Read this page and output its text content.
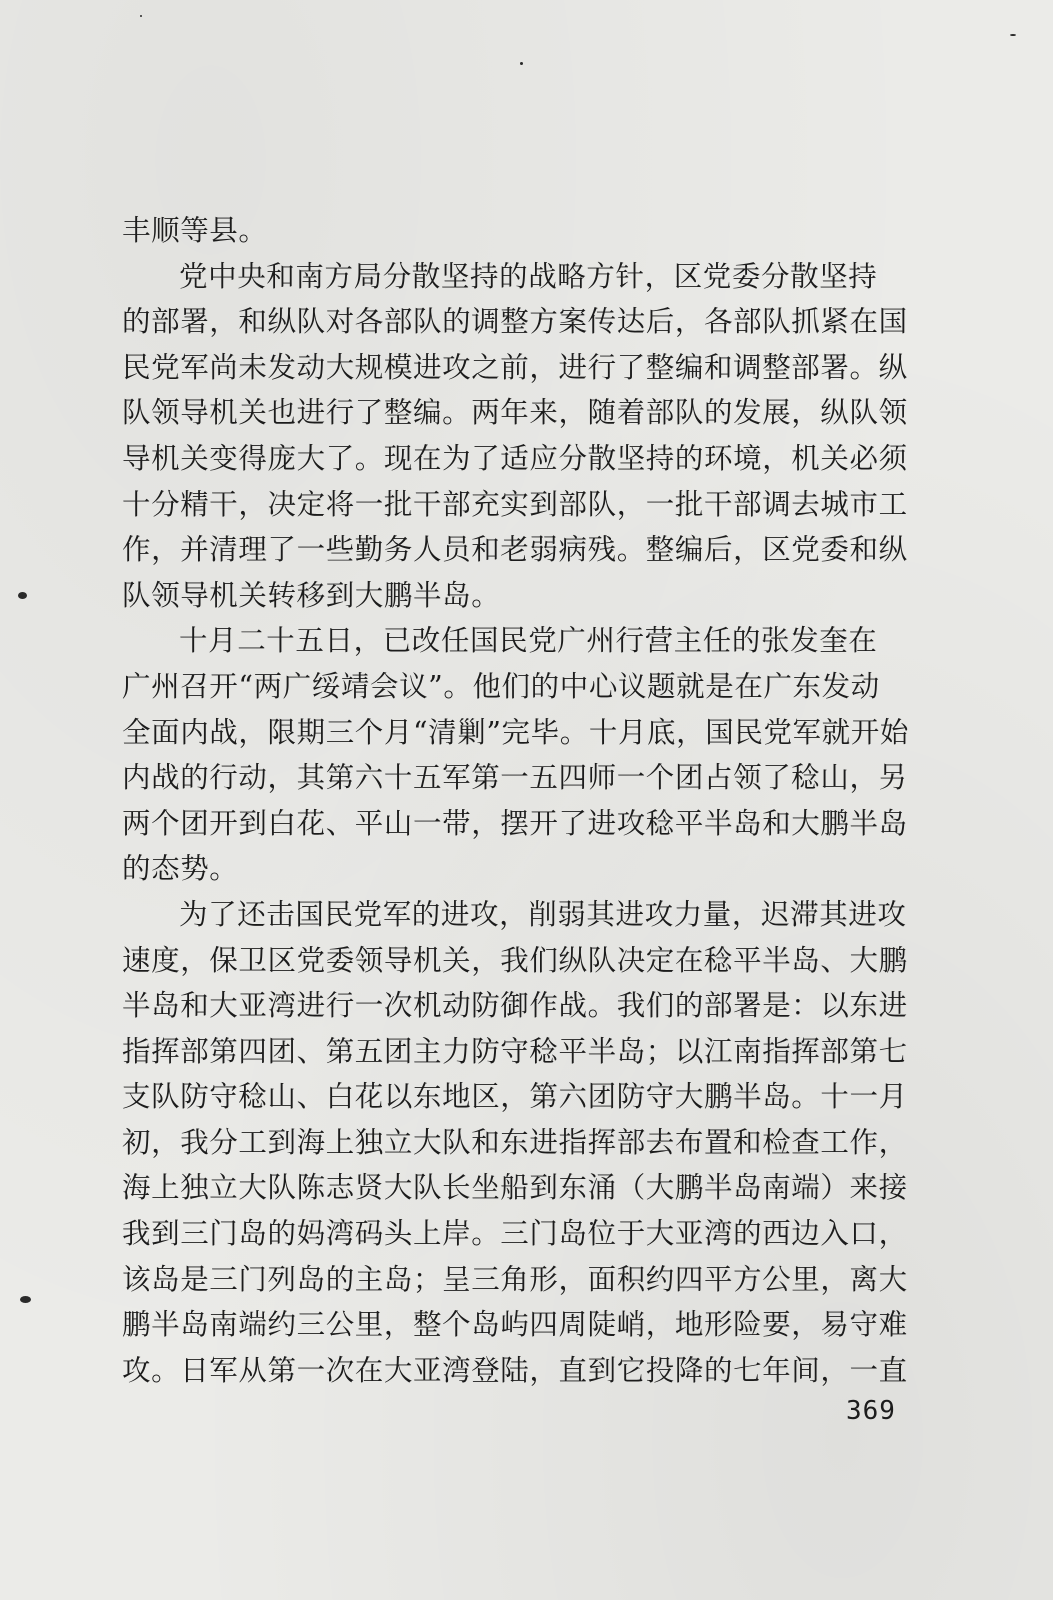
丰顺等县。
党中央和南方局分散坚持的战略方针，区党委分散坚持
的部署，和纵队对各部队的调整方案传达后，各部队抓紧在国
民党军尚未发动大规模进攻之前，进行了整编和调整部署。纵
队领导机关也进行了整编。两年来，随着部队的发展，纵队领
导机关变得庞大了。现在为了适应分散坚持的环境，机关必须
十分精干，决定将一批干部充实到部队，一批干部调去城市工
作，并清理了一些勤务人员和老弱病残。整编后，区党委和纵
队领导机关转移到大鹏半岛。
十月二十五日，已改任国民党广州行营主任的张发奎在
广州召开“两广绥靖会议”。他们的中心议题就是在广东发动
全面内战，限期三个月“清剿”完毕。十月底，国民党军就开始
内战的行动，其第六十五军第一五四师一个团占领了稔山，另
两个团开到白花、平山一带，摆开了进攻稔平半岛和大鹏半岛
的态势。
为了还击国民党军的进攻，削弱其进攻力量，迟滞其进攻
速度，保卫区党委领导机关，我们纵队决定在稔平半岛、大鹏
半岛和大亚湾进行一次机动防御作战。我们的部署是：以东进
指挥部第四团、第五团主力防守稔平半岛；以江南指挥部第七
支队防守稔山、白花以东地区，第六团防守大鹏半岛。十一月
初，我分工到海上独立大队和东进指挥部去布置和检查工作，
海上独立大队陈志贤大队长坐船到东涌（大鹏半岛南端）来接
我到三门岛的妈湾码头上岸。三门岛位于大亚湾的西边入口，
该岛是三门列岛的主岛；呈三角形，面积约四平方公里，离大
鹏半岛南端约三公里，整个岛屿四周陡峭，地形险要，易守难
攻。日军从第一次在大亚湾登陆，直到它投降的七年间，一直
369
